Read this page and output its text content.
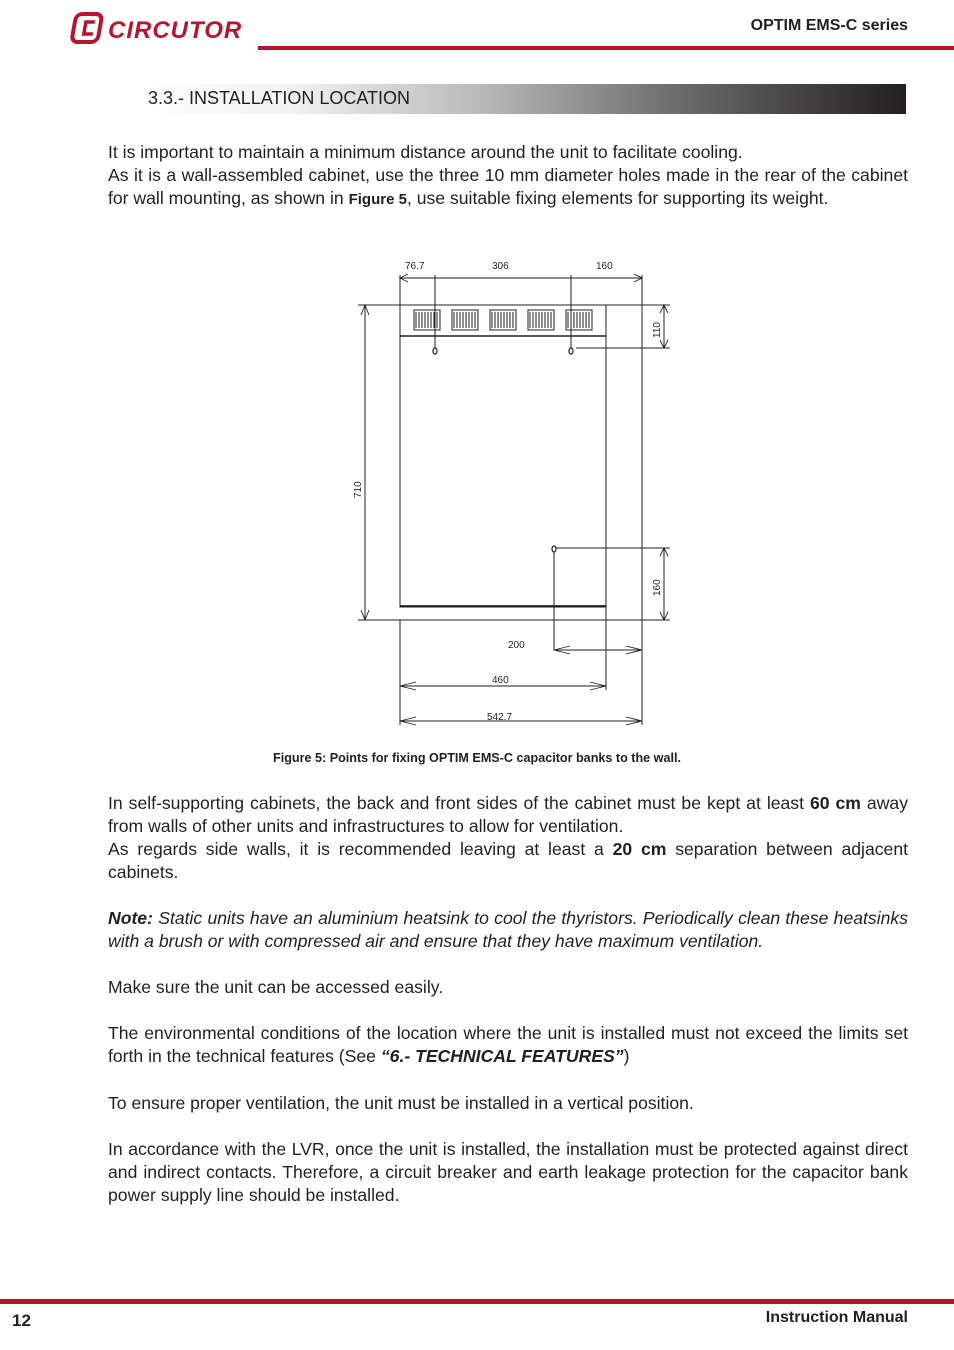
CIRCUTOR	OPTIM EMS-C series
3.3.- INSTALLATION LOCATION
It is important to maintain a minimum distance around the unit to facilitate cooling.
As it is a wall-assembled cabinet, use the three 10 mm diameter holes made in the rear of the cabinet for wall mounting, as shown in Figure 5, use suitable fixing elements for supporting its weight.
76.7	306	160
110
710
160
200
460
542.7
Figure 5: Points for fixing OPTIM EMS-C capacitor banks to the wall.
In self-supporting cabinets, the back and front sides of the cabinet must be kept at least 60 cm away from walls of other units and infrastructures to allow for ventilation.
As regards side walls, it is recommended leaving at least a 20 cm separation between adjacent cabinets.
Note: Static units have an aluminium heatsink to cool the thyristors. Periodically clean these heatsinks with a brush or with compressed air and ensure that they have maximum ventilation.
Make sure the unit can be accessed easily.
The environmental conditions of the location where the unit is installed must not exceed the limits set forth in the technical features (See “6.- TECHNICAL FEATURES”)
To ensure proper ventilation, the unit must be installed in a vertical position.
In accordance with the LVR, once the unit is installed, the installation must be protected against direct and indirect contacts. Therefore, a circuit breaker and earth leakage protection for the capacitor bank power supply line should be installed.
12	Instruction Manual
